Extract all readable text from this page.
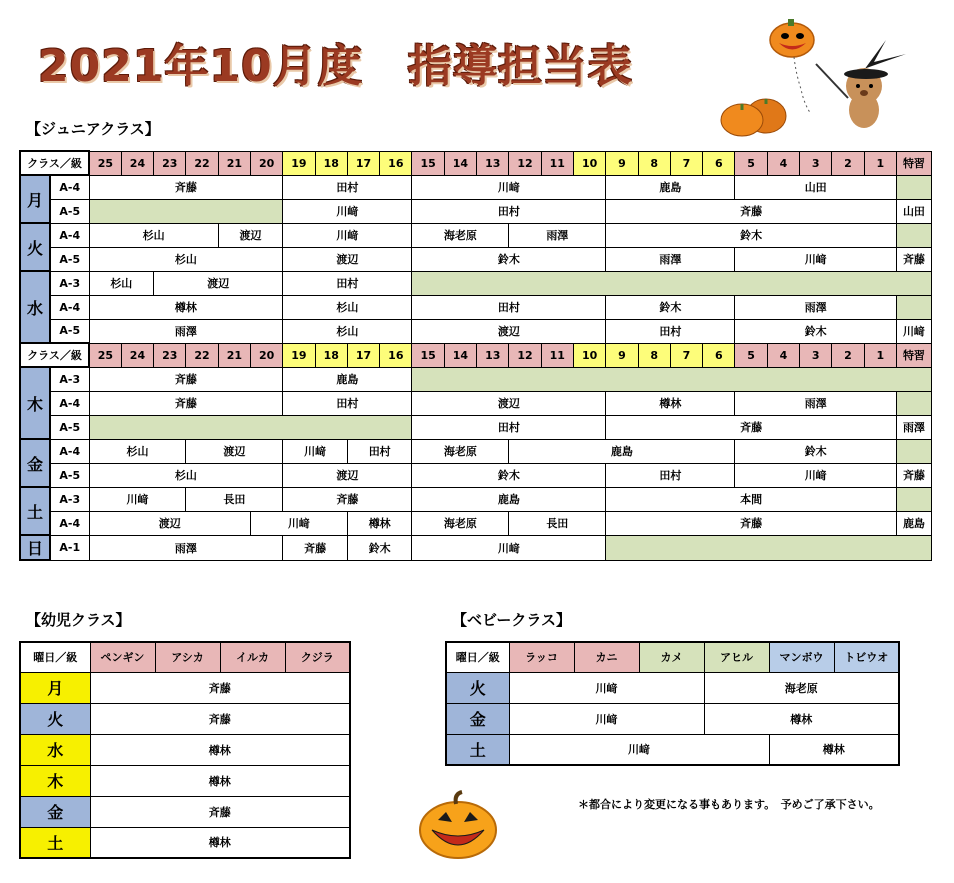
2021年10月度　指導担当表
【ジュニアクラス】
クラス／級		25	24	23	22	21	20	19	18	17	16	15	14	13	12	11	10	9	8	7	6	5	4	3	2	1	特習
月	A-4	斉藤						田村				川﨑						鹿島				山田					
	A-5							川﨑				田村						斉藤									山田
火	A-4	杉山				渡辺		川﨑				海老原			雨澤			鈴木									
	A-5	杉山						渡辺				鈴木						雨澤				川﨑					斉藤
水	A-3	杉山		渡辺				田村																			
	A-4	樽林						杉山				田村						鈴木				雨澤					
	A-5	雨澤						杉山				渡辺						田村				鈴木					川﨑
クラス／級		25	24	23	22	21	20	19	18	17	16	15	14	13	12	11	10	9	8	7	6	5	4	3	2	1	特習
木	A-3	斉藤						鹿島																			
	A-4	斉藤						田村				渡辺						樽林				雨澤					
	A-5											田村						斉藤									雨澤
金	A-4	杉山			渡辺			川﨑		田村		海老原			鹿島							鈴木					
	A-5	杉山						渡辺				鈴木						田村				川﨑					斉藤
土	A-3	川﨑			長田			斉藤				鹿島						本間									
	A-4	渡辺					川﨑			樽林		海老原			長田			斉藤									鹿島
日	A-1	雨澤						斉藤		鈴木		川﨑															
【幼児クラス】
曜日／級	ペンギン	アシカ	イルカ	クジラ
月	斉藤			
火	斉藤			
水	樽林			
木	樽林			
金	斉藤			
土	樽林			
【ベビークラス】
曜日／級	ラッコ	カニ	カメ	アヒル	マンボウ	トビウオ
火	川﨑			海老原		
金	川﨑			樽林		
土	川﨑				樽林	
＊都合により変更になる事もあります。　予めご了承下さい。
